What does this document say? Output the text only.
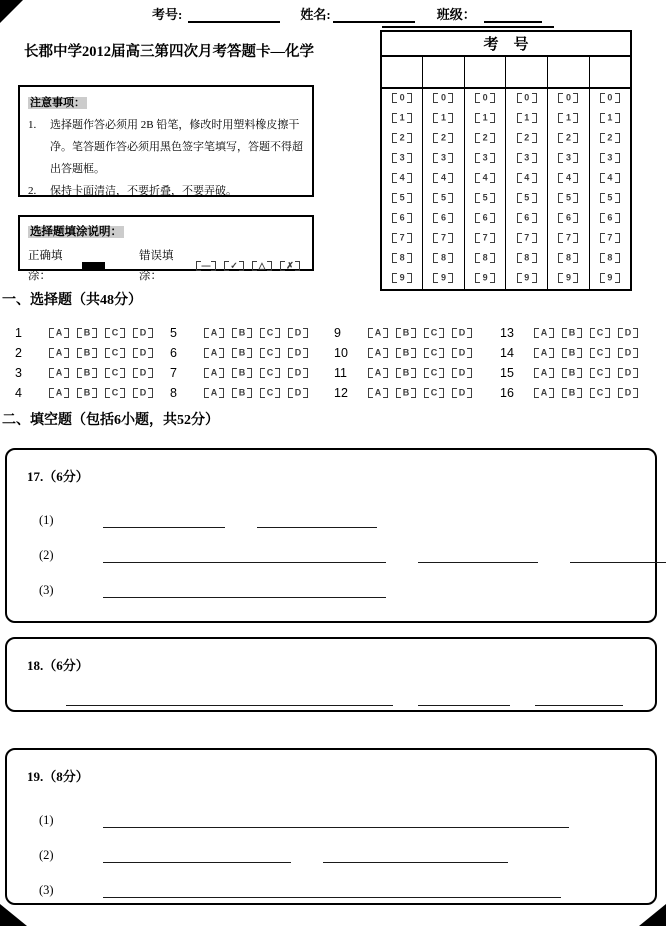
考号:	姓名:	班级：
长郡中学2012届高三第四次月考答题卡—化学
注意事项：
1.	选择题作答必须用 2B 铅笔，修改时用塑料橡皮擦干净。笔答题作答必须用黑色签字笔填写，答题不得超出答题框。
2.	保持卡面清洁，不要折叠，不要弄破。
选择题填涂说明：
正确填涂：
错误填涂：
—	✓	△	✗
考　号					

0	0	0	0	0	0

1	1	1	1	1	1

2	2	2	2	2	2

3	3	3	3	3	3

4	4	4	4	4	4

5	5	5	5	5	5

6	6	6	6	6	6

7	7	7	7	7	7

8	8	8	8	8	8

9	9	9	9	9	9
一、选择题（共48分）
1	A	B	C	D
2	A	B	C	D
3	A	B	C	D
4	A	B	C	D
5	A	B	C	D
6	A	B	C	D
7	A	B	C	D
8	A	B	C	D
9	A	B	C	D
10	A	B	C	D
11	A	B	C	D
12	A	B	C	D
13	A	B	C	D
14	A	B	C	D
15	A	B	C	D
16	A	B	C	D
二、填空题（包括6小题，共52分）
17.（6分）
(1)
(2)
(3)
18.（6分）
19.（8分）
(1)
(2)
(3)
